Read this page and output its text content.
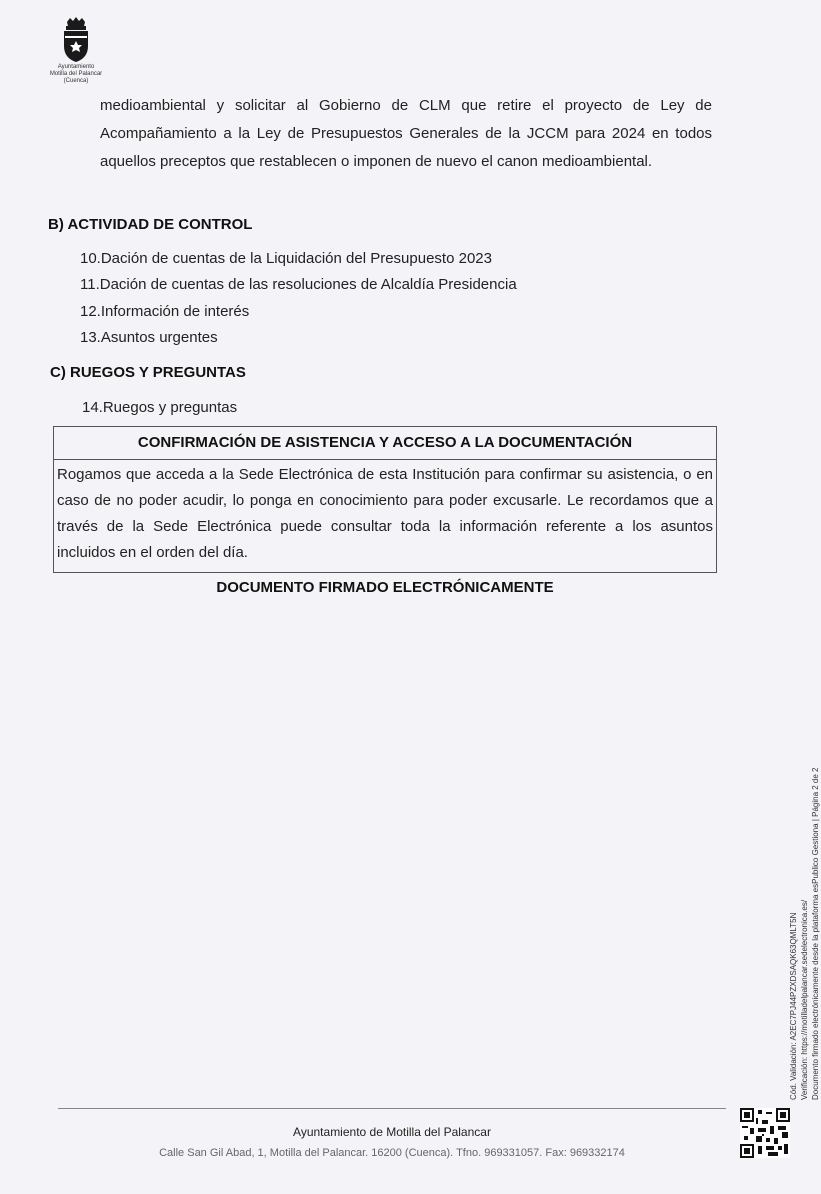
Ayuntamiento
Motilla del Palancar
(Cuenca)
medioambiental y solicitar al Gobierno de CLM que retire el proyecto de Ley de Acompañamiento a la Ley de Presupuestos Generales de la JCCM para 2024 en todos aquellos preceptos que restablecen o imponen de nuevo el canon medioambiental.
B) ACTIVIDAD DE CONTROL
10.Dación de cuentas de la Liquidación del Presupuesto 2023
11.Dación de cuentas de las resoluciones de Alcaldía Presidencia
12.Información de interés
13.Asuntos urgentes
C) RUEGOS Y PREGUNTAS
14.Ruegos y preguntas
CONFIRMACIÓN DE ASISTENCIA Y ACCESO A LA DOCUMENTACIÓN
Rogamos que acceda a la Sede Electrónica de esta Institución para confirmar su asistencia, o en caso de no poder acudir, lo ponga en conocimiento para poder excusarle. Le recordamos que a través de la Sede Electrónica puede consultar toda la información referente a los asuntos incluidos en el orden del día.
DOCUMENTO FIRMADO ELECTRÓNICAMENTE
Cód. Validación: A2EC7PJ44PZXDSAQK63QMLT5N Verificación: https://motilladelpalancar.sedelectronica.es/ Documento firmado electrónicamente desde la plataforma esPublico Gestiona | Página 2 de 2
Ayuntamiento de Motilla del Palancar
Calle San Gil Abad, 1, Motilla del Palancar. 16200 (Cuenca). Tfno. 969331057. Fax: 969332174
